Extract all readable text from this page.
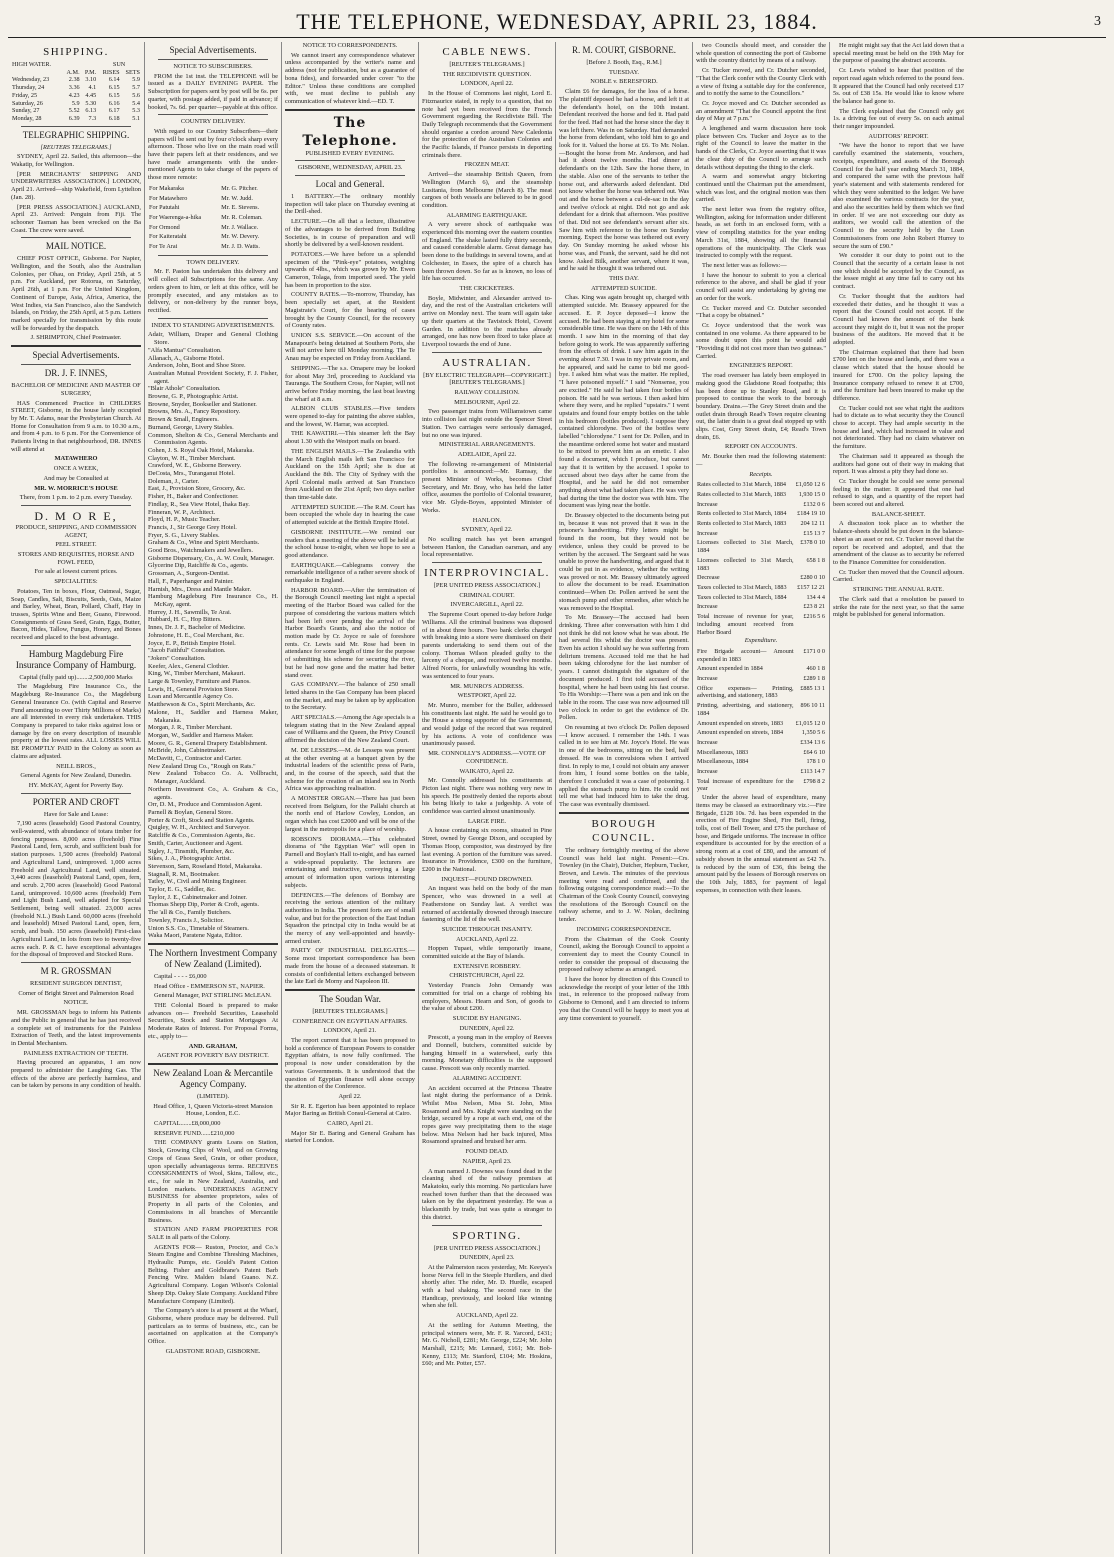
THE TELEPHONE, WEDNESDAY, APRIL 23, 1884.	3
SHIPPING.
HIGH WATER.			SUN	
	A.M.	P.M.	RISES	SETS
Wednesday, 23	2.38	3.10	6.14	5.9
Thursday, 24	3.36	4.1	6.15	5.7
Friday, 25	4.23	4.45	6.15	5.6
Saturday, 26	5.9	5.30	6.16	5.4
Sunday, 27	5.52	6.13	6.17	5.3
Monday, 28	6.39	7.3	6.18	5.1
TELEGRAPHIC SHIPPING.
[REUTERS TELEGRAMS.]

SYDNEY, April 22. Sailed, this afternoon—the Wakatip, for Wellington.

[PER MERCHANTS' SHIPPING AND UNDERWRITERS ASSOCIATION.] LONDON, April 21. Arrived—ship Wakefield, from Lyttelton (Jan. 28).

[PER PRESS ASSOCIATION.] AUCKLAND, April 23. Arrived: Penguin from Fiji. The schooner Tasman has been wrecked on the Ba Coast. The crew were saved.

MAIL NOTICE.

CHIEF POST OFFICE, Gisborne. For Napier, Wellington, and the South, also the Australian Colonies, per Ohau, on Friday, April 25th, at 5 p.m. For Auckland, per Rotorua, on Saturday, April 26th, at 1 p.m. For the United Kingdom, Continent of Europe, Asia, Africa, America, the West Indies, via San Francisco, also the Sandwich Islands, on Friday, the 25th April, at 5 p.m. Letters marked specially for transmission by this route will be forwarded by the despatch.

J. SHRIMPTON, Chief Postmaster.

Special Advertisements.
DR. J. F. INNES,

BACHELOR OF MEDICINE AND MASTER OF SURGERY,

HAS Commenced Practice in CHILDERS STREET, Gisborne, in the house lately occupied by Mr. T. Adams, near the Presbyterian Church. At Home for Consultation from 9 a.m. to 10.30 a.m., and from 4 p.m. to 6 p.m. For the Convenience of Patients living in that neighbourhood, DR. INNES will attend at

MATAWHERO

ONCE A WEEK,

And may be Consulted at

MR. W. MORRICE'S HOUSE

There, from 1 p.m. to 2 p.m. every Tuesday.

D. M O R E,

PRODUCE, SHIPPING, AND COMMISSION AGENT,

PEEL STREET.

STORES AND REQUISITES, HORSE AND FOWL FEED,

For sale at lowest current prices.

SPECIALITIES:

Potatoes, Ten in boxes, Flour, Oatmeal, Sugar, Soap, Candles, Salt, Biscuits, Seeds, Oats, Maize and Barley, Wheat, Bran, Pollard, Chaff, Hay in trusses, Spirits Wine and Beer, Guano, Firewood. Consignments of Grass Seed, Grain, Eggs, Butter, Bacon, Hides, Tallow, Fungus, Honey, and Bones received and placed to the best advantage.

Hamburg Magdeburg Fire Insurance Company of Hamburg.

Capital (fully paid up)........2,500,000 Marks

The Magdeburg Fire Insurance Co., the Magdeburg Re-Insurance Co., the Magdeburg General Insurance Co. (with Capital and Reserve Fund amounting to over Thirty Millions of Marks) are all interested in every risk undertaken. THIS Company is prepared to take risks against loss or damage by fire on every description of insurable property at the lowest rates. ALL LOSSES WILL BE PROMPTLY PAID in the Colony as soon as claims are adjusted.

NEILL BROS.,

General Agents for New Zealand, Dunedin.

HY. McKAY, Agent for Poverty Bay.

PORTER AND CROFT

Have for Sale and Lease:

7,190 acres (leasehold) Good Pastoral Country, well-watered, with abundance of totara timber for fencing purposes. 8,000 acres (freehold) Fine Pastoral Land, fern, scrub, and sufficient bush for station purposes. 1,500 acres (freehold) Pastoral and Agricultural Land, unimproved. 1,000 acres Freehold and Agricultural Land, well situated. 3,440 acres (leasehold) Pastoral Land, open, fern, and scrub. 2,700 acres (leasehold) Good Pastoral Land, unimproved. 10,600 acres (freehold) Fern and Light Bush Land, well adapted for Special Settlement, being well situated. 23,000 acres (freehold N.L.) Bush Land. 60,000 acres (freehold and leasehold) Mixed Pastoral Land, open, fern, scrub, and bush. 150 acres (leasehold) First-class Agricultural Land, in lots from two to twenty-five acres each. P. & C. have exceptional advantages for the disposal of Improved and Stocked Runs.

M R. GROSSMAN

RESIDENT SURGEON DENTIST,

Corner of Bright Street and Palmerston Road

NOTICE.

MR. GROSSMAN begs to inform his Patients and the Public in general that he has just received a complete set of instruments for the Painless Extraction of Teeth, and the latest improvements in Dental Mechanism.

PAINLESS EXTRACTION OF TEETH.

Having procured an apparatus, I am now prepared to administer the Laughing Gas. The effects of the above are perfectly harmless, and can be taken by persons in any condition of health.

Special Advertisements.

NOTICE TO SUBSCRIBERS.

FROM the 1st inst. the TELEPHONE will be issued as a DAILY EVENING PAPER. The Subscription for papers sent by post will be 6s. per quarter, with postage added, if paid in advance; if booked, 7s. 6d. per quarter—payable at this office.

COUNTRY DELIVERY.

With regard to our Country Subscribers—their papers will be sent out by four o'clock sharp every afternoon. Those who live on the main road will have their papers left at their residences, and we have made arrangements with the under-mentioned Agents to take charge of the papers of those more remote:

For Makaraka	Mr. G. Pitcher.
For Matawhero	Mr. W. Judd.
For Patutahi	Mr. E. Stevens.
For Waerenga-a-hika	Mr. R. Coleman.
For Ormond	Mr. J. Wallace.
For Kaiteratahi	Mr. W. Devery.
For Te Arai	Mr. J. D. Watts.

TOWN DELIVERY.

Mr. F. Paston has undertaken this delivery and will collect all Subscriptions for the same. Any orders given to him, or left at this office, will be promptly executed, and any mistakes as to delivery, or non-delivery by the runner boys, rectified.

INDEX TO STANDING ADVERTISEMENTS.

Adair, William, Draper and General Clothing Store.

"Alfa Mantua" Consultation.

Allanach, A., Gisborne Hotel.

Anderson, John, Boot and Shoe Store.

Australian Mutual Provident Society, F. J. Fisher, agent.

"Blair Athole" Consultation.

Browne, G. P., Photographic Artist.

Browne, Snyder, Bookseller and Stationer.

Browns, Mrs. A., Fancy Repository.

Brown & Small, Engineers.

Burnand, George, Livery Stables.

Common, Shelton & Co., General Merchants and Commission Agents.

Cohen, J. S. Royal Oak Hotel, Makaraka.

Clayton, W. H., Timber Merchant.

Crawford, W. E., Gisborne Brewery.

DeCosta, Mrs., Turanganui Hotel.

Doleman, J., Carter.

East, J., Provision Store, Grocery, &c.

Fisher, H., Baker and Confectioner.

Findlay, R., Sea View Hotel, Ihaka Bay.

Finneran, W. P., Architect.

Floyd, H. P., Music Teacher.

Francis, J., Sir George Grey Hotel.

Fryer, S. G., Livery Stables.

Graham & Co., Wine and Spirit Merchants.

Good Bros., Watchmakers and Jewellers.

Gisborne Dispensary, Co., A. W. Coult, Manager.

Glycerine Dip, Ratcliffe & Co., agents.

Grossman, A., Surgeon-Dentist.

Hall, F., Paperhanger and Painter.

Harnish, Mrs., Dress and Mantle Maker.

Hamburg Magdeburg Fire Insurance Co., H. McKay, agent.

Hurrey, J. H., Sawmills, Te Arai.

Hubbard, H. C., Hop Bitters.

Innes, Dr. J. F., Bachelor of Medicine.

Johnstone, H. E., Coal Merchant, &c.

Joyce, E. P., British Empire Hotel.

"Jacob Faithful" Consultation.

"Jokers" Consultation.

Keefer, Alex., General Clothier.

King, W., Timber Merchant, Makauri.

Large & Townley, Furniture and Pianos.

Lewis, H., General Provision Store.

Loan and Mercantile Agency Co.

Matthewson & Co., Spirit Merchants, &c.

Malone, H., Saddler and Harness Maker, Makaraka.

Morgan, J. R., Timber Merchant.

Morgan, W., Saddler and Harness Maker.

Moore, G. R., General Drapery Establishment.

McBride, John, Cabinetmaker.

McDavitt, C., Contractor and Carter.

New Zealand Drug Co., "Rough on Rats."

New Zealand Tobacco Co. A. Vollbracht, Manager, Auckland.

Northern Investment Co., A. Graham & Co., agents.

Orr, D. M., Produce and Commission Agent.

Parnell & Boylan, General Store.

Porter & Croft, Stock and Station Agents.

Quigley, W. H., Architect and Surveyor.

Ratcliffe & Co., Commission Agents, &c.

Smith, Carter, Auctioneer and Agent.

Sigley, J., Tinsmith, Plumber, &c.

Sikes, J. A., Photographic Artist.

Stevenson, Sam, Roseland Hotel, Makaraka.

Stagnall, R. M., Bootmaker.

Tatley, W., Civil and Mining Engineer.

Taylor, E. G., Saddler, &c.

Taylor, J. E., Cabinetmaker and Joiner.

Thomas Shepp Dip, Porter & Croft, agents.

The 'all & Co., Family Butchers.

Townley, Francis J., Solicitor.

Union S.S. Co., Timetable of Steamers.

Waka Maori, Paratene Ngata, Editor.

The Northern Investment Company of New Zealand (Limited).

Capital - - - - £6,000

Head Office - EMMERSON ST., NAPIER.

General Manager, PAT STIRLING McLEAN.

THE Colonial Board is prepared to make advances on— Freehold Securities, Leasehold Securities, Stock and Station Mortgages At Moderate Rates of Interest. For Proposal Forms, etc., apply to—

AND. GRAHAM,

AGENT FOR POVERTY BAY DISTRICT.

New Zealand Loan & Mercantile Agency Company.

(LIMITED).

Head Office, 1, Queen Victoria-street Mansion House, London, E.C.

CAPITAL.......£8,000,000

RESERVE FUND......£210,000

THE COMPANY grants Loans on Station, Stock, Growing Clips of Wool, and on Growing Crops of Grass Seed, Grain, or other produce, upon specially advantageous terms. RECEIVES CONSIGNMENTS of Wool, Skins, Tallow, etc., etc., for sale in New Zealand, Australia, and London markets. UNDERTAKES AGENCY BUSINESS for absentee proprietors, sales of Property in all parts of the Colonies, and Commissions in all branches of Mercantile Business.

STATION AND FARM PROPERTIES FOR SALE in all parts of the Colony.

AGENTS FOR— Ruston, Proctor, and Co.'s Steam Engine and Combine Threshing Machines, Hydraulic Pumps, etc. Gould's Patent Cotton Belting. Fisher and Goldbrane's Patent Barb Fencing Wire. Malden Island Guano. N.Z. Agricultural Company. Logan Wilson's Colonial Sheep Dip. Oakey Slate Company. Auckland Fibre Manufacture Company (Limited).

The Company's store is at present at the Wharf, Gisborne, where produce may be delivered. Full particulars as to terms of business, etc., can be ascertained on application at the Company's Office.

GLADSTONE ROAD, GISBORNE.

NOTICE TO CORRESPONDENTS.

We cannot insert any correspondence whatever unless accompanied by the writer's name and address (not for publication, but as a guarantee of bona fides), and forwarded under cover "to the Editor." Unless these conditions are complied with, we must decline to publish any communication of whatever kind.—ED. T.

The Telephone.

PUBLISHED EVERY EVENING.

GISBORNE, WEDNESDAY, APRIL 23.

Local and General.

1 BATTERY.—The ordinary monthly inspection will take place on Thursday evening at the Drill-shed.

LECTURE.—On all that a lecture, illustrative of the advantages to be derived from Building Societies, is in course of preparation and will shortly be delivered by a well-known resident.

POTATOES.—We have before us a splendid specimen of the "Pink-eye" potatoes, weighing upwards of 4lbs., which was grown by Mr. Ewen Cameron, Tolaga, from imported seed. The yield has been in proportion to the size.

COUNTY RATES.—To-morrow, Thursday, has been specially set apart, at the Resident Magistrate's Court, for the hearing of cases brought by the County Council, for the recovery of County rates.

UNION S.S. SERVICE.—On account of the Manapouri's being detained at Southern Ports, she will not arrive here till Monday morning. The Te Anau may be expected on Friday from Auckland.

SHIPPING.—The s.s. Omapere may be looked for about May 3rd, proceeding to Auckland via Tauranga. The Southern Cross, for Napier, will not arrive before Friday morning, the last boat leaving the wharf at 8 a.m.

ALBION CLUB STABLES.—Five tenders were opened to-day for painting the above stables, and the lowest, W. Harrar, was accepted.

THE KAWATIRI.—This steamer left the Bay about 1.30 with the Westport mails on board.

THE ENGLISH MAILS.—The Zealandia with the March English mails left San Francisco for Auckland on the 15th April; she is due at Auckland the 8th. The City of Sydney with the April Colonial mails arrived at San Francisco from Auckland on the 21st April; two days earlier than time-table date.

ATTEMPTED SUICIDE.—The R.M. Court has been occupied the whole day in hearing the case of attempted suicide at the British Empire Hotel.

GISBORNE INSTITUTE.—We remind our readers that a meeting of the above will be held at the school house to-night, when we hope to see a good attendance.

EARTHQUAKE.—Cablegrams convey the remarkable intelligence of a rather severe shock of earthquake in England.

HARBOR BOARD.—After the termination of the Borough Council meeting last night a special meeting of the Harbor Board was called for the purpose of considering the various matters which had been left over pending the arrival of the Harbor Board's Grants, and also the notice of motion made by Cr. Joyce re sale of foreshore rents. Cr. Lewis said Mr. Rose had been in attendance for some length of time for the purpose of submitting his scheme for securing the river, but he had now gone and the matter had better stand over.

GAS COMPANY.—The balance of 250 small letted shares in the Gas Company has been placed on the market, and may be taken up by application to the Secretary.

ART SPECIALS.—Among the Age specials is a telegram stating that in the New Zealand appeal case of Williams and the Queen, the Privy Council affirmed the decision of the New Zealand Court.

M. DE LESSEPS.—M. de Lesseps was present at the other evening at a banquet given by the industrial leaders of the scientific press of Paris, and, in the course of the speech, said that the scheme for the creation of an inland sea in North Africa was approaching realisation.

A MONSTER ORGAN.—There has just been received from Belgium, for the Pallahi church at the north end of Harlow Cowley, London, an organ which has cost £2000 and will be one of the largest in the metropolis for a place of worship.

ROBSON'S DIORAMA.—This celebrated diorama of "the Egyptian War" will open in Parnell and Boylan's Hall to-night, and has earned a wide-spread popularity. The lecturers are entertaining and instructive, conveying a large amount of information upon various interesting subjects.

DEFENCES.—The defences of Bombay are receiving the serious attention of the military authorities in India. The present forts are of small value, and but for the protection of the East Indian Squadron the principal city in India would be at the mercy of any well-appointed and heavily-armed cruiser.

PARTY OF INDUSTRIAL DELEGATES.—Some most important correspondence has been made from the house of a deceased statesman. It consists of confidential letters exchanged between the late Earl de Morny and Napoleon III.

The Soudan War.

[REUTER'S TELEGRAMS.]

CONFERENCE ON EGYPTIAN AFFAIRS.

LONDON, April 21.

The report current that it has been proposed to hold a conference of European Powers to consider Egyptian affairs, is now fully confirmed. The proposal is now under consideration by the various Governments. It is understood that the question of Egyptian finance will alone occupy the attention of the Conference.

April 22.

Sir R. E. Egerton has been appointed to replace Major Baring as British Consul-General at Cairo.

CAIRO, April 21.

Major Sir E. Baring and General Graham has started for London.

CABLE NEWS.

[REUTER'S TELEGRAMS.]

THE RECIDIVISTE QUESTION.

LONDON, April 22.

In the House of Commons last night, Lord E. Fitzmaurice stated, in reply to a question, that no note had yet been received from the French Government regarding the Recidiviste Bill. The Daily Telegraph recommends that the Government should organise a cordon around New Caledonia for the protection of the Australian Colonies and the Pacific Islands, if France persists in deporting criminals there.

FROZEN MEAT.

Arrived—the steamship British Queen, from Wellington (March 6), and the steamship Lusitania, from Melbourne (March 8). The meat cargoes of both vessels are believed to be in good condition.

ALARMING EARTHQUAKE.

A very severe shock of earthquake was experienced this morning over the eastern counties of England. The shake lasted fully thirty seconds, and caused considerable alarm. Great damage has been done to the buildings in several towns, and at Colchester, in Essex, the spire of a church has been thrown down. So far as is known, no loss of life has occurred.

THE CRICKETERS.

Boyle, Midwinter, and Alexander arrived to-day, and the rest of the Australian cricketers will arrive on Monday next. The team will again take up their quarters at the Tavistock Hotel, Covent Garden. In addition to the matches already arranged, one has now been fixed to take place at Liverpool towards the end of June.

AUSTRALIAN.

[BY ELECTRIC TELEGRAPH—COPYRIGHT.] [REUTER'S TELEGRAMS.]

RAILWAY COLLISION.

MELBOURNE, April 22.

Two passenger trains from Williamstown came into collision last night outside the Spencer Street Station. Two carriages were seriously damaged, but no one was injured.

MINISTERIAL ARRANGEMENTS.

ADELAIDE, April 22.

The following re-arrangement of Ministerial portfolios is announced:—Mr. Ramsay, the present Minister of Works, becomes Chief Secretary, and Mr. Bray, who has held the latter office, assumes the portfolio of Colonial treasurer, vice Mr. Glyde-Boyes, appointed Minister of Works.

HANLON.

SYDNEY, April 22.

No sculling match has yet been arranged between Hanlon, the Canadian oarsman, and any local representative.

INTERPROVINCIAL.

[PER UNITED PRESS ASSOCIATION.]

CRIMINAL COURT.

INVERCARGILL, April 22.

The Supreme Court opened to-day before Judge Williams. All the criminal business was disposed of in about three hours. Two bank clerks charged with breaking into a store were dismissed on their parents undertaking to send them out of the colony. Thomas Wilson pleaded guilty to the larceny of a cheque, and received twelve months. Alfred Norris, for unlawfully wounding his wife, was sentenced to four years.

MR. MUNRO'S ADDRESS.

WESTPORT, April 22.

Mr. Munro, member for the Buller, addressed his constituents last night. He said he would go to the House a strong supporter of the Government, and would judge of the record that was required by his actions. A vote of confidence was unanimously passed.

MR. CONNOLLY'S ADDRESS.—VOTE OF CONFIDENCE.

WAIKATO, April 22.

Mr. Connolly addressed his constituents at Picton last night. There was nothing very new in his speech. He positively denied the reports about his being likely to take a judgeship. A vote of confidence was carried almost unanimously.

LARGE FIRE.

A house containing six rooms, situated in Pine Street, owned by George Dixon, and occupied by Thomas Hoop, compositor, was destroyed by fire last evening. A portion of the furniture was saved. Insurance in Providence, £300 on the furniture, £200 in the National.

INQUEST—FOUND DROWNED.

An inquest was held on the body of the man Spencer, who was drowned in a well at Featherstone on Sunday last. A verdict was returned of accidentally drowned through insecure fastening of the lid of the well.

SUICIDE THROUGH INSANITY.

AUCKLAND, April 22.

Hoppen Tupaei, while temporarily insane, committed suicide at the Bay of Islands.

EXTENSIVE ROBBERY.

CHRISTCHURCH, April 22.

Yesterday Francis John Ormandy was committed for trial on a charge of robbing his employers, Messrs. Hearn and Son, of goods to the value of about £200.

SUICIDE BY HANGING.

DUNEDIN, April 22.

Prescott, a young man in the employ of Reeves and Donnell, butchers, committed suicide by hanging himself in a waterwheel, early this morning. Monetary difficulties is the supposed cause. Prescott was only recently married.

ALARMING ACCIDENT.

An accident occurred at the Princess Theatre last night during the performance of a Drink. Whilst Miss Nelson, Miss St. John, Miss Rosamond and Mrs. Knight were standing on the bridge, secured by a rope at each end, one of the ropes gave way precipitating them to the stage below. Miss Nelson had her back injured, Miss Rosamond sprained and bruised her arm.

FOUND DEAD.

NAPIER, April 23.

A man named J. Downes was found dead in the cleaning shed of the railway premises at Makatoku, early this morning. No particulars have reached town further than that the deceased was taken on by the department yesterday. He was a blacksmith by trade, but was quite a stranger to this district.

SPORTING.

[PER UNITED PRESS ASSOCIATION.]

DUNEDIN, April 23.

At the Palmerston races yesterday, Mr. Keeyes's horse Nerva fell in the Steeple Hurdlers, and died shortly after. The rider, Mr. D. Hurdle, escaped with a bad shaking. The second race in the Handicap, previously, and looked like winning when she fell.

AUCKLAND, April 22.

At the settling for Autumn Meeting, the principal winners were, Mr. F. R. Yarcord, £431; Mr. G. Nicholl, £281; Mr. George, £224; Mr. John Marshall, £215; Mr. Lennard, £161; Mr. Bob-Kenny, £113; Mr. Stanford, £104; Mr. Hoskins, £60; and Mr. Potter, £57.

R. M. COURT, GISBORNE.

[Before J. Booth, Esq., R.M.]

TUESDAY.

NOBLE v. BERESFORD.

Claim £6 for damages, for the loss of a horse. The plaintiff deposed he had a horse, and left it at the defendant's hotel, on the 10th instant. Defendant received the horse and fed it. Had paid for the feed. Had not had the horse since the day it was left there. Was in on Saturday. Had demanded the horse from defendant, who told him to go and look for it. Valued the horse at £6. To Mr. Nolan.—Bought the horse from Mr. Anderson, and had had it about twelve months. Had dinner at defendant's on the 12th. Saw the horse there, in the stable. Also one of the servants to tether the horse out, and afterwards asked defendant. Did not know whether the horse was tethered out. Was out and the horse between a cul-de-sac in the day and twelve o'clock at night. Did not go and ask defendant for a drink that afternoon. Was positive of that. Did not see defendant's servant after six. Saw him with reference to the horse on Sunday morning. Expect the horse was tethered out every day. On Sunday morning he asked whose his horse was, and Frank, the servant, said he did not know. Asked Bilk, another servant, where it was, and he said he thought it was tethered out.

THIS DAY.

ATTEMPTED SUICIDE.

Chas. King was again brought up, charged with attempted suicide. Mr. Brassey appeared for the accused. E. P. Joyce deposed—I know the accused. He had been staying at my hotel for some considerable time. He was there on the 14th of this month. I saw him in the morning of that day before going to work. He was apparently suffering from the effects of drink. I saw him again in the evening about 7.30. I was in my private room, and he appeared, and said he came to bid me good-bye. I asked him what was the matter. He replied, "I have poisoned myself." I said "Nonsense, you are excited." He said he had taken four bottles of poison. He said he was serious. I then asked him where they were, and he replied "upstairs." I went upstairs and found four empty bottles on the table in his bedroom (bottles produced). I suppose they contained chlorodyne. Two of the bottles were labelled "chlorodyne." I sent for Dr. Pollen, and in the meantime ordered some hot water and mustard to be mixed to prevent him as an emetic. I also found a document, which I produce, but cannot say that it is written by the accused. I spoke to accused about two days after he came from the Hospital, and he said he did not remember anything about what had taken place. He was very bad during the time the doctor was with him. The document was lying near the bottle.

Dr. Brassey objected to the documents being put in, because it was not proved that it was in the prisoner's handwriting. Fifty letters might be found in the room, but they would not be evidence, unless they could be proved to be written by the accused. The Sergeant said he was unable to prove the handwriting, and argued that it could be put in as evidence, whether the writing was proved or not. Mr. Brassey ultimately agreed to allow the document to be read. Examination continued—When Dr. Pollen arrived he sent the stomach pump and other remedies, after which he was removed to the Hospital.

To Mr. Brassey—The accused had been drinking. Three after conversation with him I did not think he did not know what he was about. He had several fits whilst the doctor was present. Even his action I should say he was suffering from delirium tremens. Accused told me that he had been taking chlorodyne for the last number of years. I cannot distinguish the signature of the document produced. I first told accused of the hospital, where he had been using his fast course. To His Worship:—There was a pen and ink on the table in the room. The case was now adjourned till two o'clock in order to get the evidence of Dr. Pollen.

On resuming at two o'clock Dr. Pollen deposed—I know accused. I remember the 14th. I was called in to see him at Mr. Joyce's Hotel. He was in one of the bedrooms, sitting on the bed, half dressed. He was in convulsions when I arrived first. In reply to me, I could not obtain any answer from him, I found some bottles on the table, therefore I concluded it was a case of poisoning. I applied the stomach pump to him. He could not tell me what had induced him to take the drug. The case was eventually dismissed.

BOROUGH COUNCIL.

The ordinary fortnightly meeting of the above Council was held last night. Present:—Crs. Townley (in the Chair), Dutcher, Hepburn, Tucker, Brown, and Lewis. The minutes of the previous meeting were read and confirmed, and the following outgoing correspondence read:—To the Chairman of the Cook County Council, conveying the resolutions of the Borough Council on the railway scheme, and to J. W. Nolan, declining tender.

INCOMING CORRESPONDENCE.

From the Chairman of the Cook County Council, asking the Borough Council to appoint a convenient day to meet the County Council in order to consider the proposal of discussing the proposed railway scheme as arranged.

I have the honor by direction of this Council to acknowledge the receipt of your letter of the 18th inst., in reference to the proposed railway from Gisborne to Ormond, and I am directed to inform you that the Council will be happy to meet you at any time convenient to yourself.

two Councils should meet, and consider the whole question of connecting the port of Gisborne with the country district by means of a railway.

Cr. Tucker moved, and Cr. Dutcher seconded, "That the Clerk confer with the County Clerk with a view of fixing a suitable day for the conference, and to notify the same to the Councillors."

Cr. Joyce moved and Cr. Dutcher seconded as an amendment "That the Council appoint the first day of May at 7 p.m."

A lengthened and warm discussion here took place between Crs. Tucker and Joyce as to the right of the Council to leave the matter in the hands of the Clerks, Cr. Joyce asserting that it was the clear duty of the Council to arrange such details without deputing the thing to the clerk.

A warm and somewhat angry bickering continued until the Chairman put the amendment, which was lost, and the original motion was then carried.

The next letter was from the registry office, Wellington, asking for information under different heads, as set forth in an enclosed form, with a view of compiling statistics for the year ending March 31st, 1884, showing all the financial operations of the municipality. The Clerk was instructed to comply with the request.

The next letter was as follows:—

I have the honour to submit to you a clerical reference to the above, and shall be glad if your council will assist any undertaking by giving me an order for the work.

Cr. Tucker moved and Cr. Dutcher seconded "That a copy be obtained."

Cr. Joyce understood that the work was contained in one volume. As there appeared to be some doubt upon this point he would add "Providing it did not cost more than two guineas." Carried.

ENGINEER'S REPORT.

The road overseer has lately been employed in making good the Gladstone Road footpaths; this has been done up to Stanley Road, and it is proposed to continue the work to the borough boundary. Drains.—The Grey Street drain and the outlet drain through Read's Town require cleaning out, the latter drain is a great deal stopped up with slips. Cost, Grey Street drain, £4; Read's Town drain, £6.

REPORT ON ACCOUNTS.

Mr. Bourke then read the following statement:—

Receipts.

Rates collected to 31st March, 1884	£1,050 12 6
Rates collected to 31st March, 1883	1,930 15 0
Increase	£132 0 6
Rents collected to 31st March, 1884	£184 19 10
Rents collected to 31st March, 1883	204 12 11
Increase	£15 13 7
Licenses collected to 31st March, 1884	£378 0 10
Licenses collected to 31st March, 1883	658 1 8
Decrease	£280 0 10
Taxes collected to 31st March, 1883	£157 12 21
Taxes collected to 31st March, 1884	134 4 4
Increase	£23 8 21
Total increase of revenue for year, including amount received from Harbor Board	£216 5 6

Expenditure.

Fire Brigade account— Amount expended in 1883	£171 0 0
Amount expended in 1884	460 1 8
Increase	£289 1 8
Office expenses— Printing, advertising, and stationery, 1883	£885 13 1
Printing, advertising, and stationery, 1884	896 10 11
Amount expended on streets, 1883	£1,015 12 0
Amount expended on streets, 1884	1,350 5 6
Increase	£334 13 6
Miscellaneous, 1883	£64 6 10
Miscellaneous, 1884	178 1 0
Increase	£113 14 7
Total increase of expenditure for the year	£798 8 2

Under the above head of expenditure, many items may be classed as extraordinary viz.:—Fire Brigade, £128 10s. 7d. has been expended in the erection of Fire Engine Shed, Fire Bell, firing, tolls, cost of Bell Tower, and £75 the purchase of hose, and Brigade uniforms. The increase in office expenditure is accounted for by the erection of a strong room at a cost of £80, and the amount of subsidy shown in the annual statement as £42 7s. is reduced by the sum of £36, this being the amount paid by the lessees of Borough reserves on the 10th July, 1883, for payment of legal expenses, in connection with their leases.

He might might say that the Act laid down that a special meeting must be held on the 19th May for the purpose of passing the abstract accounts.

Cr. Lewis wished to hear that position of the report read again which referred to the pound fees. It appeared that the Council had only received £17 5s. out of £38 15s. He would like to know where the balance had gone to.

The Clerk explained that the Council only got 1s. a driving fee out of every 5s. on each animal their ranger impounded.

AUDITORS' REPORT.

"We have the honor to report that we have carefully examined the statements, vouchers, receipts, expenditure, and assets of the Borough Council for the half year ending March 31, 1884, and compared the same with the previous half year's statement and with statements rendered for which they were submitted to the ledger. We have also examined the various contracts for the year, and also the securities held by them which we find in order. If we are not exceeding our duty as auditors, we would call the attention of the Council to the security held by the Loan Commissioners from one John Robert Hurrey to secure the sum of £90."

We consider it our duty to point out to the Council that the security of a certain lease is not one which should be accepted by the Council, as the lessee might at any time fail to carry out his contract.

Cr. Tucker thought that the auditors had exceeded their duties, and he thought it was a report that the Council could not accept. If the Council had known the amount of the bank account they might do it, but it was not the proper business of the auditors. He moved that it be adopted.

The Chairman explained that there had been £700 lent on the house and lands, and there was a clause which stated that the house should be insured for £700. On the policy lapsing the Insurance company refused to renew it at £700, and the furniture had been insured to make up the difference.

Cr. Tucker could not see what right the auditors had to dictate as to what security they the Council chose to accept. They had ample security in the house and land, which had increased in value and not deteriorated. They had no claim whatever on the furniture.

The Chairman said it appeared as though the auditors had gone out of their way in making that report. It was almost a pity they had done so.

Cr. Tucker thought he could see some personal feeling in the matter. It appeared that one had refused to sign, and a quantity of the report had been scored out and altered.

BALANCE-SHEET.

A discussion took place as to whether the balance-sheets should be put down in the balance-sheet as an asset or not. Cr. Tucker moved that the report be received and adopted, and that the amendment of the clause as to security be referred to the Finance Committee for consideration.

Cr. Tucker then moved that the Council adjourn. Carried.

STRIKING THE ANNUAL RATE.

The Clerk said that a resolution be passed to strike the rate for the next year, so that the same might be published for general information.
